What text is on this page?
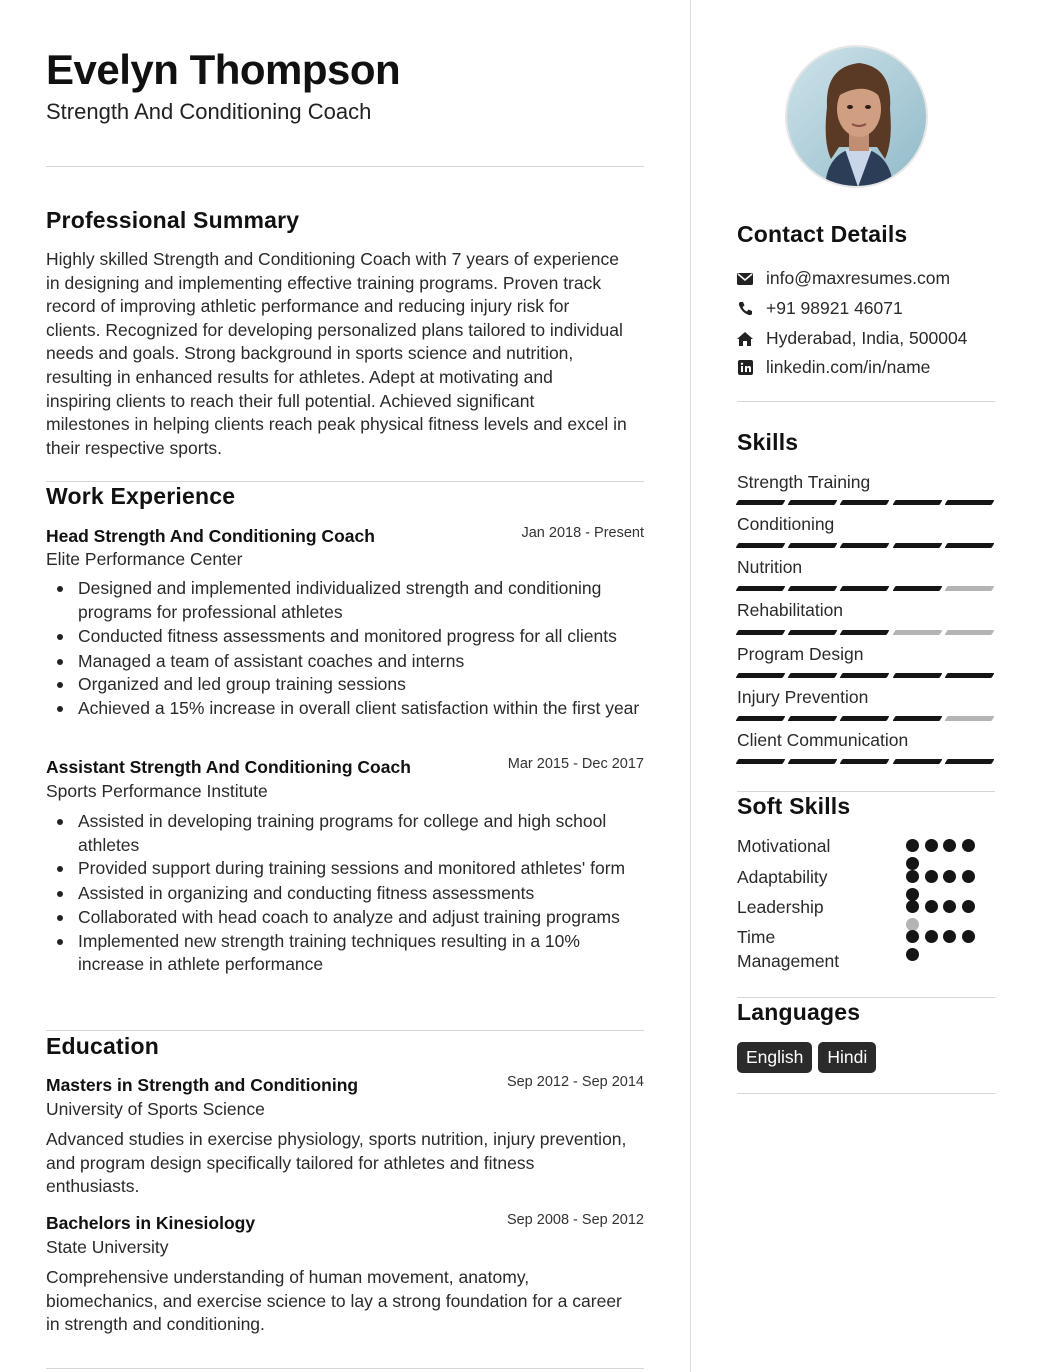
Evelyn Thompson
Strength And Conditioning Coach
Professional Summary
Highly skilled Strength and Conditioning Coach with 7 years of experience
in designing and implementing effective training programs. Proven track
record of improving athletic performance and reducing injury risk for
clients. Recognized for developing personalized plans tailored to individual
needs and goals. Strong background in sports science and nutrition,
resulting in enhanced results for athletes. Adept at motivating and
inspiring clients to reach their full potential. Achieved significant
milestones in helping clients reach peak physical fitness levels and excel in
their respective sports.
Work Experience
Head Strength And Conditioning Coach	Jan 2018 - Present
Elite Performance Center
Designed and implemented individualized strength and conditioning programs for professional athletes
Conducted fitness assessments and monitored progress for all clients
Managed a team of assistant coaches and interns
Organized and led group training sessions
Achieved a 15% increase in overall client satisfaction within the first year
Assistant Strength And Conditioning Coach	Mar 2015 - Dec 2017
Sports Performance Institute
Assisted in developing training programs for college and high school athletes
Provided support during training sessions and monitored athletes' form
Assisted in organizing and conducting fitness assessments
Collaborated with head coach to analyze and adjust training programs
Implemented new strength training techniques resulting in a 10% increase in athlete performance
Education
Masters in Strength and Conditioning	Sep 2012 - Sep 2014
University of Sports Science
Advanced studies in exercise physiology, sports nutrition, injury prevention,
and program design specifically tailored for athletes and fitness
enthusiasts.
Bachelors in Kinesiology	Sep 2008 - Sep 2012
State University
Comprehensive understanding of human movement, anatomy,
biomechanics, and exercise science to lay a strong foundation for a career
in strength and conditioning.
Contact Details
info@maxresumes.com
+91 98921 46071
Hyderabad, India, 500004
linkedin.com/in/name
Skills
Strength Training
Conditioning
Nutrition
Rehabilitation
Program Design
Injury Prevention
Client Communication
Soft Skills
Motivational
Adaptability
Leadership
Time Management
Languages
English	Hindi
